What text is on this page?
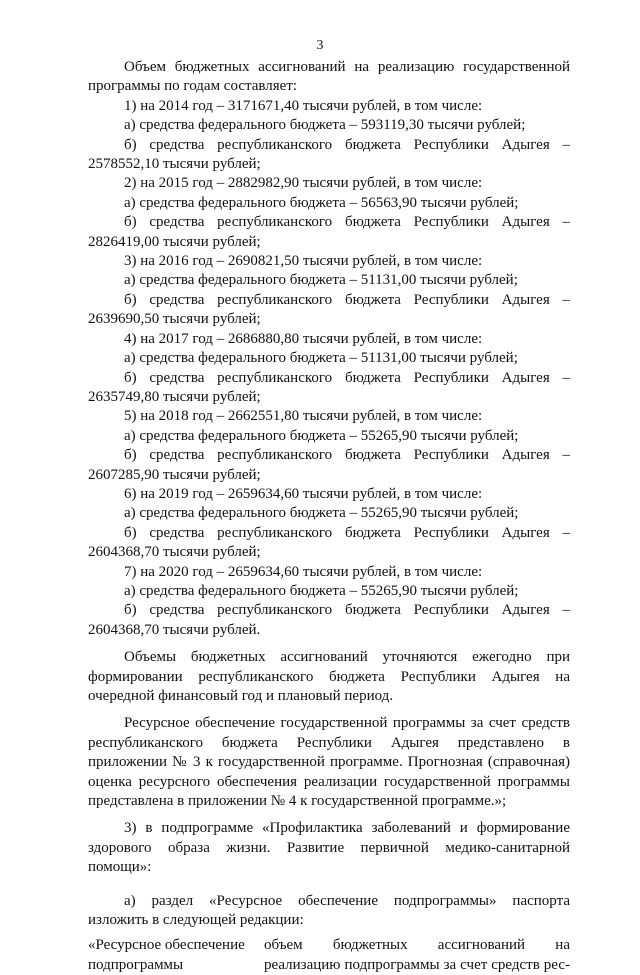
3

Объем бюджетных ассигнований на реализацию государственной программы по годам составляет:

1) на 2014 год – 3171671,40 тысячи рублей, в том числе:

а) средства федерального бюджета – 593119,30 тысячи рублей;

б) средства республиканского бюджета Республики Адыгея – 2578552,10 тысячи рублей;

2) на 2015 год – 2882982,90 тысячи рублей, в том числе:

а) средства федерального бюджета – 56563,90 тысячи рублей;

б) средства республиканского бюджета Республики Адыгея – 2826419,00 тысячи рублей;

3) на 2016 год – 2690821,50 тысячи рублей, в том числе:

а) средства федерального бюджета – 51131,00 тысячи рублей;

б) средства республиканского бюджета Республики Адыгея – 2639690,50 тысячи рублей;

4) на 2017 год – 2686880,80 тысячи рублей, в том числе:

а) средства федерального бюджета – 51131,00 тысячи рублей;

б) средства республиканского бюджета Республики Адыгея – 2635749,80 тысячи рублей;

5) на 2018 год – 2662551,80 тысячи рублей, в том числе:

а) средства федерального бюджета – 55265,90 тысячи рублей;

б) средства республиканского бюджета Республики Адыгея – 2607285,90 тысячи рублей;

6) на 2019 год – 2659634,60 тысячи рублей, в том числе:

а) средства федерального бюджета – 55265,90 тысячи рублей;

б) средства республиканского бюджета Республики Адыгея – 2604368,70 тысячи рублей;

7) на 2020 год – 2659634,60 тысячи рублей, в том числе:

а) средства федерального бюджета – 55265,90 тысячи рублей;

б) средства республиканского бюджета Республики Адыгея – 2604368,70 тысячи рублей.

Объемы бюджетных ассигнований уточняются ежегодно при формировании республиканского бюджета Республики Адыгея на очередной финансовый год и плановый период.

Ресурсное обеспечение государственной программы за счет средств республиканского бюджета Республики Адыгея представлено в приложении № 3 к государственной программе. Прогнозная (справочная) оценка ресурсного обеспечения реализации государственной программы представлена в приложении № 4 к государственной программе.»;

3) в подпрограмме «Профилактика заболеваний и формирование здорового образа жизни. Развитие первичной медико-санитарной помощи»:

а) раздел «Ресурсное обеспечение подпрограммы» паспорта изложить в следующей редакции:

«Ресурсное обеспечение подпрограммы
объем бюджетных ассигнований на реализацию подпрограммы за счет средств рес-
